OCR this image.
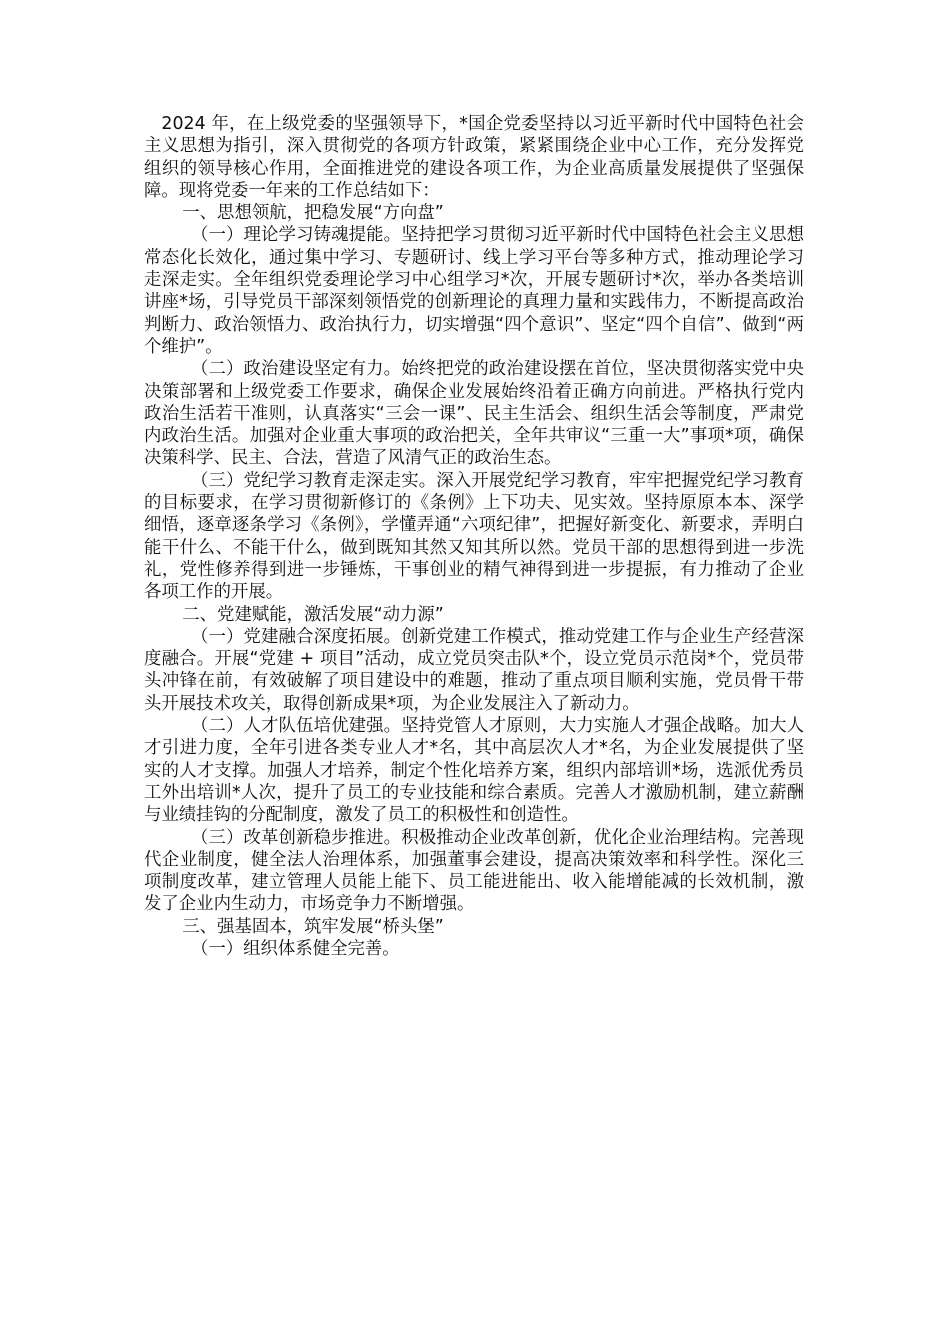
2024 年，在上级党委的坚强领导下，*国企党委坚持以习近平新时代中国特色社会主义思想为指引，深入贯彻党的各项方针政策，紧紧围绕企业中心工作，充分发挥党组织的领导核心作用，全面推进党的建设各项工作，为企业高质量发展提供了坚强保障。现将党委一年来的工作总结如下：

一、思想领航，把稳发展“方向盘”

（一）理论学习铸魂提能。坚持把学习贯彻习近平新时代中国特色社会主义思想常态化长效化，通过集中学习、专题研讨、线上学习平台等多种方式，推动理论学习走深走实。全年组织党委理论学习中心组学习*次，开展专题研讨*次，举办各类培训讲座*场，引导党员干部深刻领悟党的创新理论的真理力量和实践伟力，不断提高政治判断力、政治领悟力、政治执行力，切实增强“四个意识”、坚定“四个自信”、做到“两个维护”。

（二）政治建设坚定有力。始终把党的政治建设摆在首位，坚决贯彻落实党中央决策部署和上级党委工作要求，确保企业发展始终沿着正确方向前进。严格执行党内政治生活若干准则，认真落实“三会一课”、民主生活会、组织生活会等制度，严肃党内政治生活。加强对企业重大事项的政治把关，全年共审议“三重一大”事项*项，确保决策科学、民主、合法，营造了风清气正的政治生态。

（三）党纪学习教育走深走实。深入开展党纪学习教育，牢牢把握党纪学习教育的目标要求，在学习贯彻新修订的《条例》上下功夫、见实效。坚持原原本本、深学细悟，逐章逐条学习《条例》，学懂弄通“六项纪律”，把握好新变化、新要求，弄明白能干什么、不能干什么，做到既知其然又知其所以然。党员干部的思想得到进一步洗礼，党性修养得到进一步锤炼，干事创业的精气神得到进一步提振，有力推动了企业各项工作的开展。

二、党建赋能，激活发展“动力源”

（一）党建融合深度拓展。创新党建工作模式，推动党建工作与企业生产经营深度融合。开展“党建 + 项目”活动，成立党员突击队*个，设立党员示范岗*个，党员带头冲锋在前，有效破解了项目建设中的难题，推动了重点项目顺利实施，党员骨干带头开展技术攻关，取得创新成果*项，为企业发展注入了新动力。

（二）人才队伍培优建强。坚持党管人才原则，大力实施人才强企战略。加大人才引进力度，全年引进各类专业人才*名，其中高层次人才*名，为企业发展提供了坚实的人才支撑。加强人才培养，制定个性化培养方案，组织内部培训*场，选派优秀员工外出培训*人次，提升了员工的专业技能和综合素质。完善人才激励机制，建立薪酬与业绩挂钩的分配制度，激发了员工的积极性和创造性。

（三）改革创新稳步推进。积极推动企业改革创新，优化企业治理结构。完善现代企业制度，健全法人治理体系，加强董事会建设，提高决策效率和科学性。深化三项制度改革，建立管理人员能上能下、员工能进能出、收入能增能减的长效机制，激发了企业内生动力，市场竞争力不断增强。

三、强基固本，筑牢发展“桥头堡”

（一）组织体系健全完善。
